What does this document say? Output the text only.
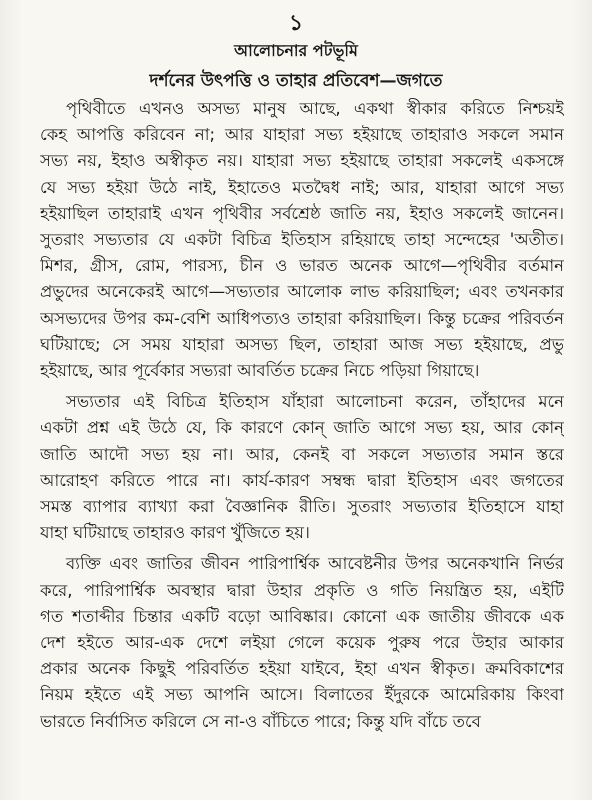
১
আলোচনার পটভূমি
দর্শনের উৎপত্তি ও তাহার প্রতিবেশ—জগতে
পৃথিবীতে এখনও অসভ্য মানুষ আছে, একথা স্বীকার করিতে নিশ্চয়ই
কেহ আপত্তি করিবেন না; আর যাহারা সভ্য হইয়াছে তাহারাও সকলে সমান
সভ্য নয়, ইহাও অস্বীকৃত নয়। যাহারা সভ্য হইয়াছে তাহারা সকলেই একসঙ্গে
যে সভ্য হইয়া উঠে নাই, ইহাতেও মতদ্বৈধ নাই; আর, যাহারা আগে সভ্য
হইয়াছিল তাহারাই এখন পৃথিবীর সর্বশ্রেষ্ঠ জাতি নয়, ইহাও সকলেই জানেন।
সুতরাং সভ্যতার যে একটা বিচিত্র ইতিহাস রহিয়াছে তাহা সন্দেহের 'অতীত।
মিশর, গ্রীস, রোম, পারস্য, চীন ও ভারত অনেক আগে—পৃথিবীর বর্তমান
প্রভুদের অনেকেরই আগে—সভ্যতার আলোক লাভ করিয়াছিল; এবং তখনকার
অসভ্যদের উপর কম-বেশি আধিপত্যও তাহারা করিয়াছিল। কিন্তু চক্রের পরিবর্তন
ঘটিয়াছে; সে সময় যাহারা অসভ্য ছিল, তাহারা আজ সভ্য হইয়াছে, প্রভু
হইয়াছে, আর পূর্বেকার সভ্যরা আবর্তিত চক্রের নিচে পড়িয়া গিয়াছে।
সভ্যতার এই বিচিত্র ইতিহাস যাঁহারা আলোচনা করেন, তাঁহাদের মনে
একটা প্রশ্ন এই উঠে যে, কি কারণে কোন্ জাতি আগে সভ্য হয়, আর কোন্
জাতি আদৌ সভ্য হয় না। আর, কেনই বা সকলে সভ্যতার সমান স্তরে
আরোহণ করিতে পারে না। কার্য-কারণ সম্বন্ধ দ্বারা ইতিহাস এবং জগতের
সমস্ত ব্যাপার ব্যাখ্যা করা বৈজ্ঞানিক রীতি। সুতরাং সভ্যতার ইতিহাসে যাহা
যাহা ঘটিয়াছে তাহারও কারণ খুঁজিতে হয়।
ব্যক্তি এবং জাতির জীবন পারিপার্শ্বিক আবেষ্টনীর উপর অনেকখানি নির্ভর
করে, পারিপার্শ্বিক অবস্থার দ্বারা উহার প্রকৃতি ও গতি নিয়ন্ত্রিত হয়, এইটি
গত শতাব্দীর চিন্তার একটি বড়ো আবিষ্কার। কোনো এক জাতীয় জীবকে এক
দেশ হইতে আর-এক দেশে লইয়া গেলে কয়েক পুরুষ পরে উহার আকার
প্রকার অনেক কিছুই পরিবর্তিত হইয়া যাইবে, ইহা এখন স্বীকৃত। ক্রমবিকাশের
নিয়ম হইতে এই সভ্য আপনি আসে। বিলাতের ইঁদুরকে আমেরিকায় কিংবা
ভারতে নির্বাসিত করিলে সে না-ও বাঁচিতে পারে; কিন্তু যদি বাঁচে তবে
